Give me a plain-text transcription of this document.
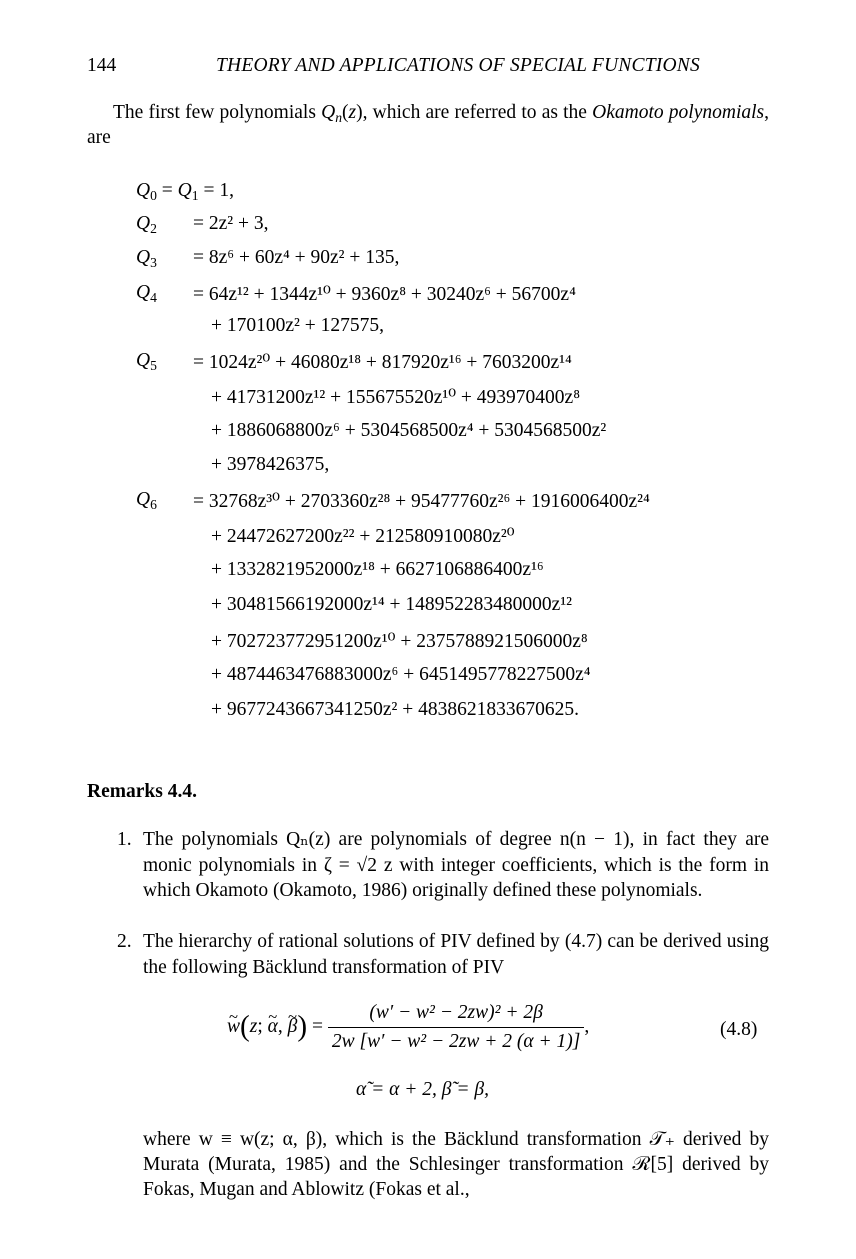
144	THEORY AND APPLICATIONS OF SPECIAL FUNCTIONS
The first few polynomials $Q_n(z)$, which are referred to as the Okamoto polynomials, are
$Q_0 = Q_1 = 1$,
$Q_2 = 2z^2 + 3$,
$Q_3 = 8z^6 + 60z^4 + 90z^2 + 135$,
$Q_4 = 64z^{12} + 1344z^{10} + 9360z^8 + 30240z^6 + 56700z^4$
+ 170100z² + 127575,
$Q_5 = 1024z^{20} + 46080z^{18} + 817920z^{16} + 7603200z^{14}$
+ 41731200z¹² + 155675520z¹⁰ + 493970400z⁸
+ 1886068800z⁶ + 5304568500z⁴ + 5304568500z²
+ 3978426375,
$Q_6 = 32768z^{30} + 2703360z^{28} + 95477760z^{26} + 1916006400z^{24}$
+ 24472627200z²² + 212580910080z²⁰
+ 1332821952000z¹⁸ + 6627106886400z¹⁶
+ 30481566192000z¹⁴ + 148952283480000z¹²
+ 702723772951200z¹⁰ + 2375788921506000z⁸
+ 4874463476883000z⁶ + 6451495778227500z⁴
+ 9677243667341250z² + 4838621833670625.
Remarks 4.4.
1. The polynomials Qₙ(z) are polynomials of degree n(n − 1), in fact they are monic polynomials in ζ = √2 z with integer coefficients, which is the form in which Okamoto (Okamoto, 1986) originally defined these polynomials.
2. The hierarchy of rational solutions of PIV defined by (4.7) can be derived using the following Bäcklund transformation of PIV
~ w(z; ~ α, ~ $\beta) = \frac{\text{(w′ − w² − 2zw)² + 2β}}{\text{2w [w′ − w² − 2zw + 2 (α + 1)]}}$ ,	(4.8)
α̃ = α + 2, β̃ = β,
where w ≡ w(z; α, β), which is the Bäcklund transformation 𝒯₊ derived by Murata (Murata, 1985) and the Schlesinger transformation ℛ[5] derived by Fokas, Mugan and Ablowitz (Fokas et al.,
